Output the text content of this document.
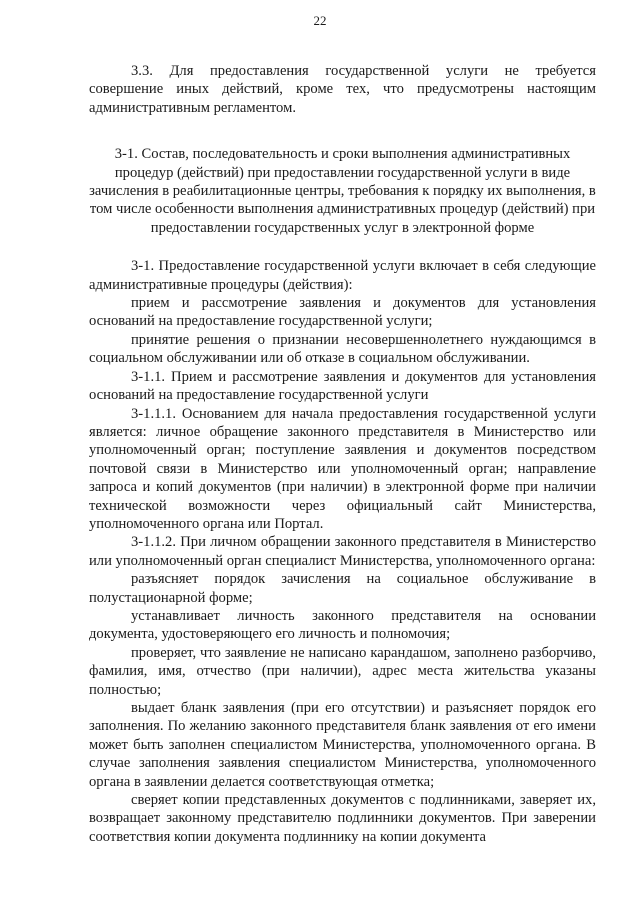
22

3.3. Для предоставления государственной услуги не требуется совершение иных действий, кроме тех, что предусмотрены настоящим административным регламентом.

3-1. Состав, последовательность и сроки выполнения административных процедур (действий) при предоставлении государственной услуги в виде зачисления в реабилитационные центры, требования к порядку их выполнения, в том числе особенности выполнения административных процедур (действий) при предоставлении государственных услуг в электронной форме

3-1. Предоставление государственной услуги включает в себя следующие административные процедуры (действия):

прием и рассмотрение заявления и документов для установления оснований на предоставление государственной услуги;

принятие решения о признании несовершеннолетнего нуждающимся в социальном обслуживании или об отказе в социальном обслуживании.

3-1.1. Прием и рассмотрение заявления и документов для установления оснований на предоставление государственной услуги

3-1.1.1. Основанием для начала предоставления государственной услуги является: личное обращение законного представителя в Министерство или уполномоченный орган; поступление заявления и документов посредством почтовой связи в Министерство или уполномоченный орган; направление запроса и копий документов (при наличии) в электронной форме при наличии технической возможности через официальный сайт Министерства, уполномоченного органа или Портал.

3-1.1.2. При личном обращении законного представителя в Министерство или уполномоченный орган специалист Министерства, уполномоченного органа:

разъясняет порядок зачисления на социальное обслуживание в полустационарной форме;

устанавливает личность законного представителя на основании документа, удостоверяющего его личность и полномочия;

проверяет, что заявление не написано карандашом, заполнено разборчиво, фамилия, имя, отчество (при наличии), адрес места жительства указаны полностью;

выдает бланк заявления (при его отсутствии) и разъясняет порядок его заполнения. По желанию законного представителя бланк заявления от его имени может быть заполнен специалистом Министерства, уполномоченного органа. В случае заполнения заявления специалистом Министерства, уполномоченного органа в заявлении делается соответствующая отметка;

сверяет копии представленных документов с подлинниками, заверяет их, возвращает законному представителю подлинники документов. При заверении соответствия копии документа подлиннику на копии документа
